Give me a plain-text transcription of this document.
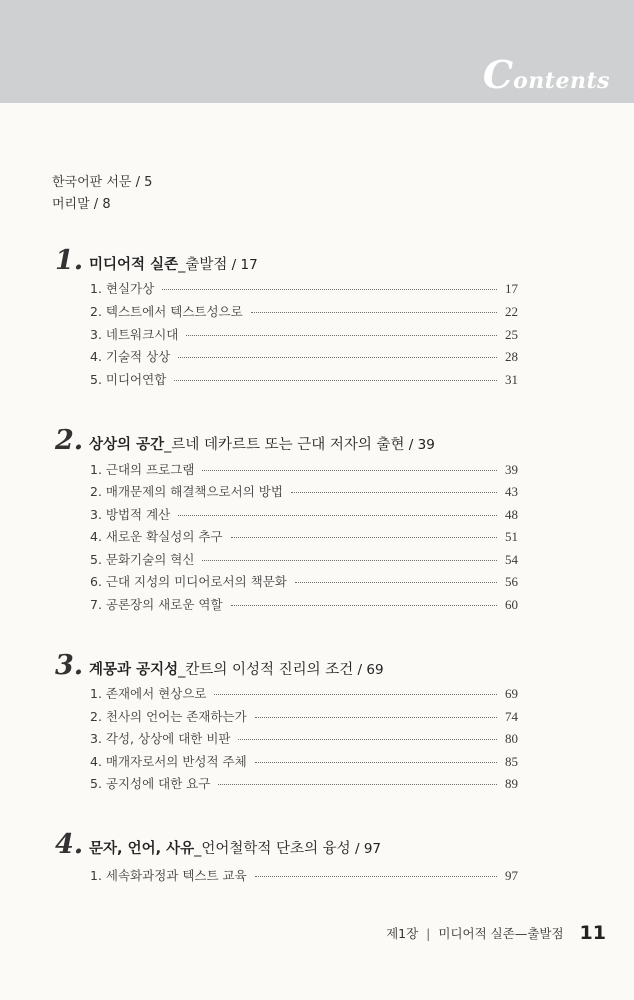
Contents
한국어판 서문 / 5
머리말 / 8
1. 미디어적 실존_출발점 / 17
1. 현실가상	17
2. 텍스트에서 텍스트성으로	22
3. 네트워크시대	25
4. 기술적 상상	28
5. 미디어연합	31
2. 상상의 공간_르네 데카르트 또는 근대 저자의 출현 / 39
1. 근대의 프로그램	39
2. 매개문제의 해결책으로서의 방법	43
3. 방법적 계산	48
4. 새로운 확실성의 추구	51
5. 문화기술의 혁신	54
6. 근대 지성의 미디어로서의 책문화	56
7. 공론장의 새로운 역할	60
3. 계몽과 공지성_칸트의 이성적 진리의 조건 / 69
1. 존재에서 현상으로	69
2. 천사의 언어는 존재하는가	74
3. 각성, 상상에 대한 비판	80
4. 매개자로서의 반성적 주체	85
5. 공지성에 대한 요구	89
4. 문자, 언어, 사유_언어철학적 단초의 융성 / 97
1. 세속화과정과 텍스트 교육	97
제1장 | 미디어적 실존—출발점 11
